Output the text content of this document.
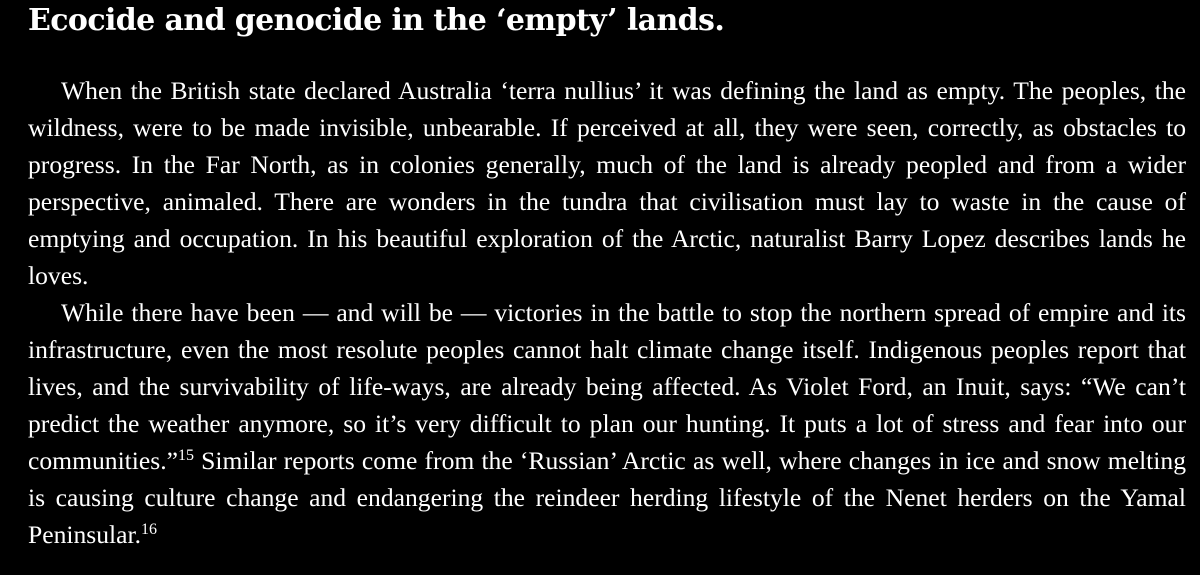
Ecocide and genocide in the ‘empty’ lands.

When the British state declared Australia ‘terra nullius’ it was defining the land as empty. The peoples, the wildness, were to be made invisible, unbearable. If perceived at all, they were seen, correctly, as obstacles to progress. In the Far North, as in colonies generally, much of the land is already peopled and from a wider perspective, animaled. There are wonders in the tundra that civilisation must lay to waste in the cause of emptying and occupation. In his beautiful exploration of the Arctic, naturalist Barry Lopez describes lands he loves.

While there have been — and will be — victories in the battle to stop the northern spread of empire and its infrastructure, even the most resolute peoples cannot halt climate change itself. Indigenous peoples report that lives, and the survivability of life-ways, are already being affected. As Violet Ford, an Inuit, says: “We can’t predict the weather anymore, so it’s very difficult to plan our hunting. It puts a lot of stress and fear into our communities.”$^{15}$ Similar reports come from the ‘Russian’ Arctic as well, where changes in ice and snow melting is causing culture change and endangering the reindeer herding lifestyle of the Nenet herders on the Yamal Peninsular.$^{16}$
